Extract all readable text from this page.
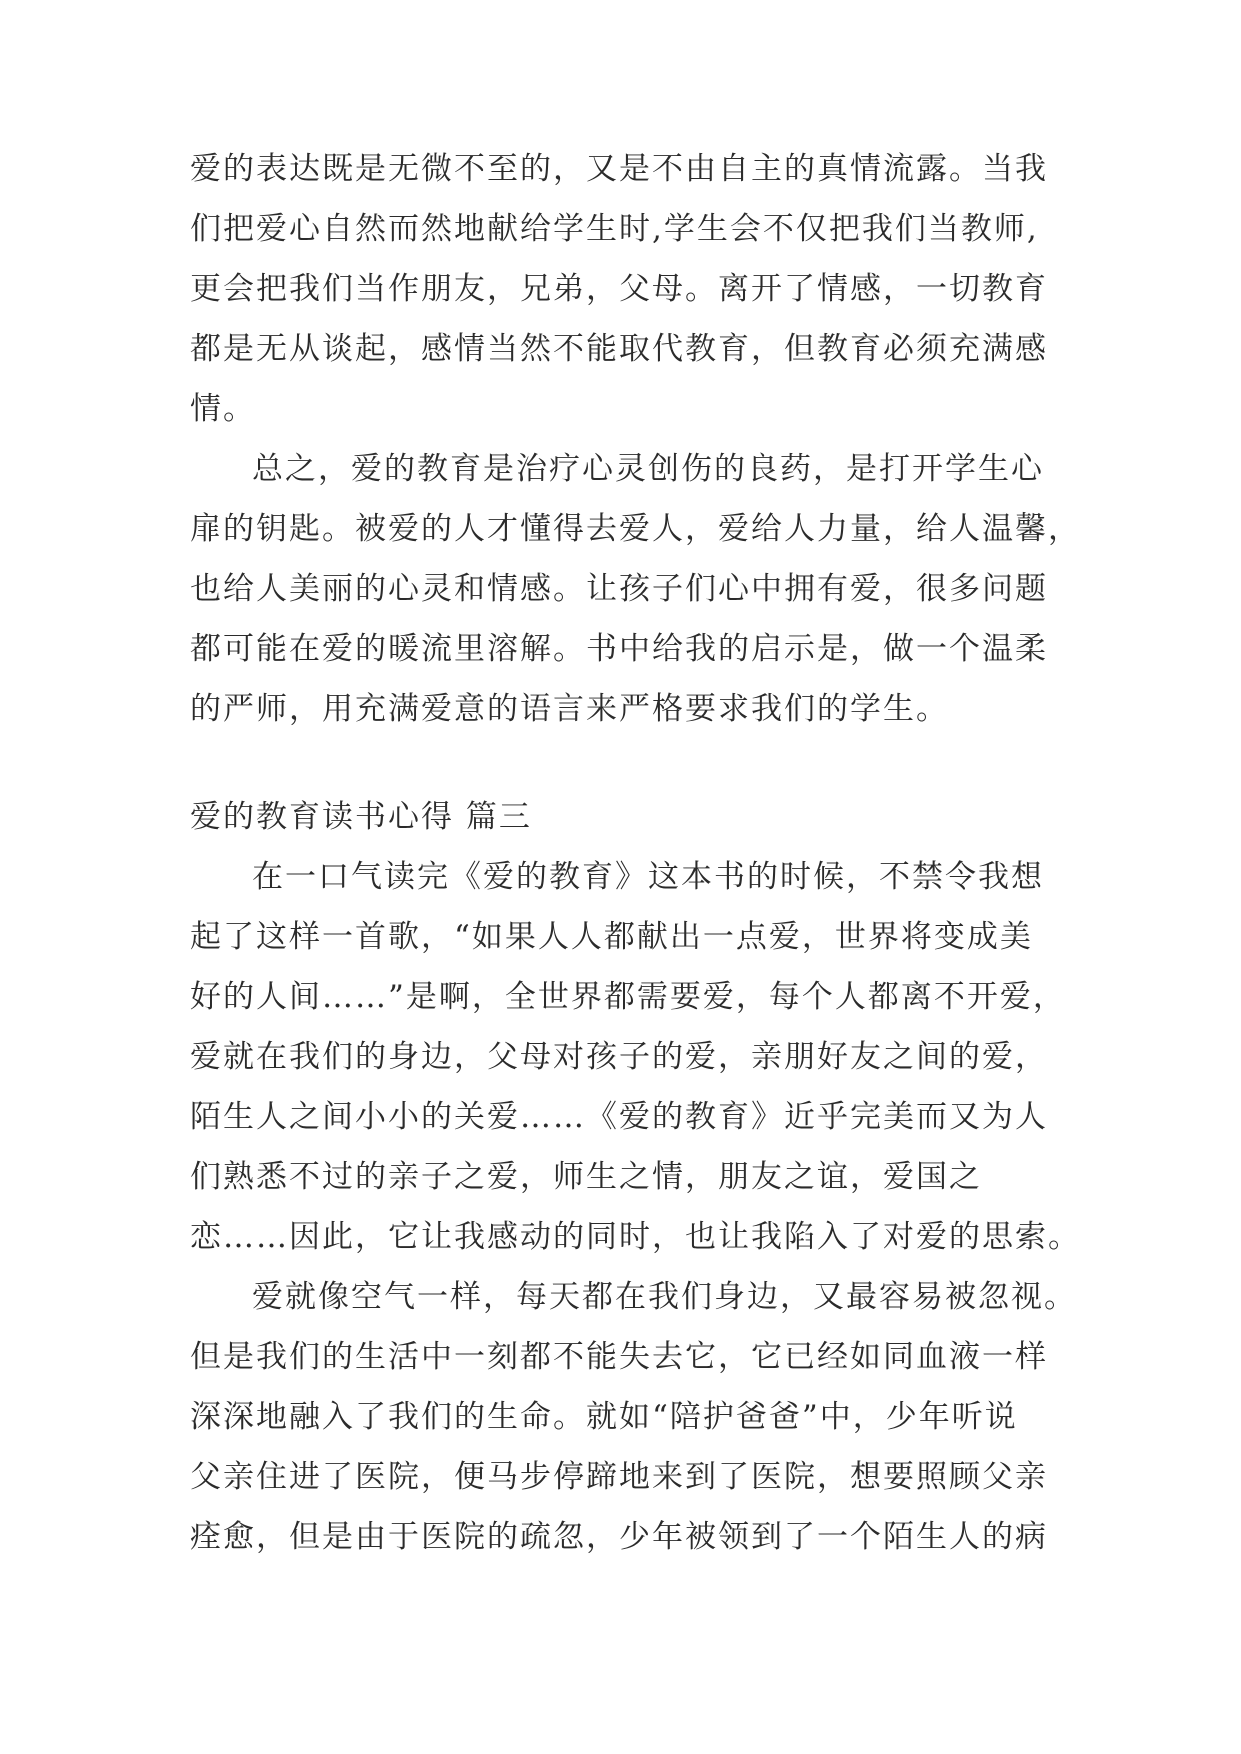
爱的表达既是无微不至的，又是不由自主的真情流露。当我
们把爱心自然而然地献给学生时,学生会不仅把我们当教师,
更会把我们当作朋友，兄弟，父母。离开了情感，一切教育
都是无从谈起，感情当然不能取代教育，但教育必须充满感
情。
总之，爱的教育是治疗心灵创伤的良药，是打开学生心
扉的钥匙。被爱的人才懂得去爱人，爱给人力量，给人温馨，
也给人美丽的心灵和情感。让孩子们心中拥有爱，很多问题
都可能在爱的暖流里溶解。书中给我的启示是，做一个温柔
的严师，用充满爱意的语言来严格要求我们的学生。
爱的教育读书心得 篇三
在一口气读完《爱的教育》这本书的时候，不禁令我想
起了这样一首歌，“如果人人都献出一点爱，世界将变成美
好的人间……”是啊，全世界都需要爱，每个人都离不开爱，
爱就在我们的身边，父母对孩子的爱，亲朋好友之间的爱，
陌生人之间小小的关爱……《爱的教育》近乎完美而又为人
们熟悉不过的亲子之爱，师生之情，朋友之谊，爱国之
恋……因此，它让我感动的同时，也让我陷入了对爱的思索。
爱就像空气一样，每天都在我们身边，又最容易被忽视。
但是我们的生活中一刻都不能失去它，它已经如同血液一样
深深地融入了我们的生命。就如“陪护爸爸”中，少年听说
父亲住进了医院，便马步停蹄地来到了医院，想要照顾父亲
痊愈，但是由于医院的疏忽，少年被领到了一个陌生人的病
